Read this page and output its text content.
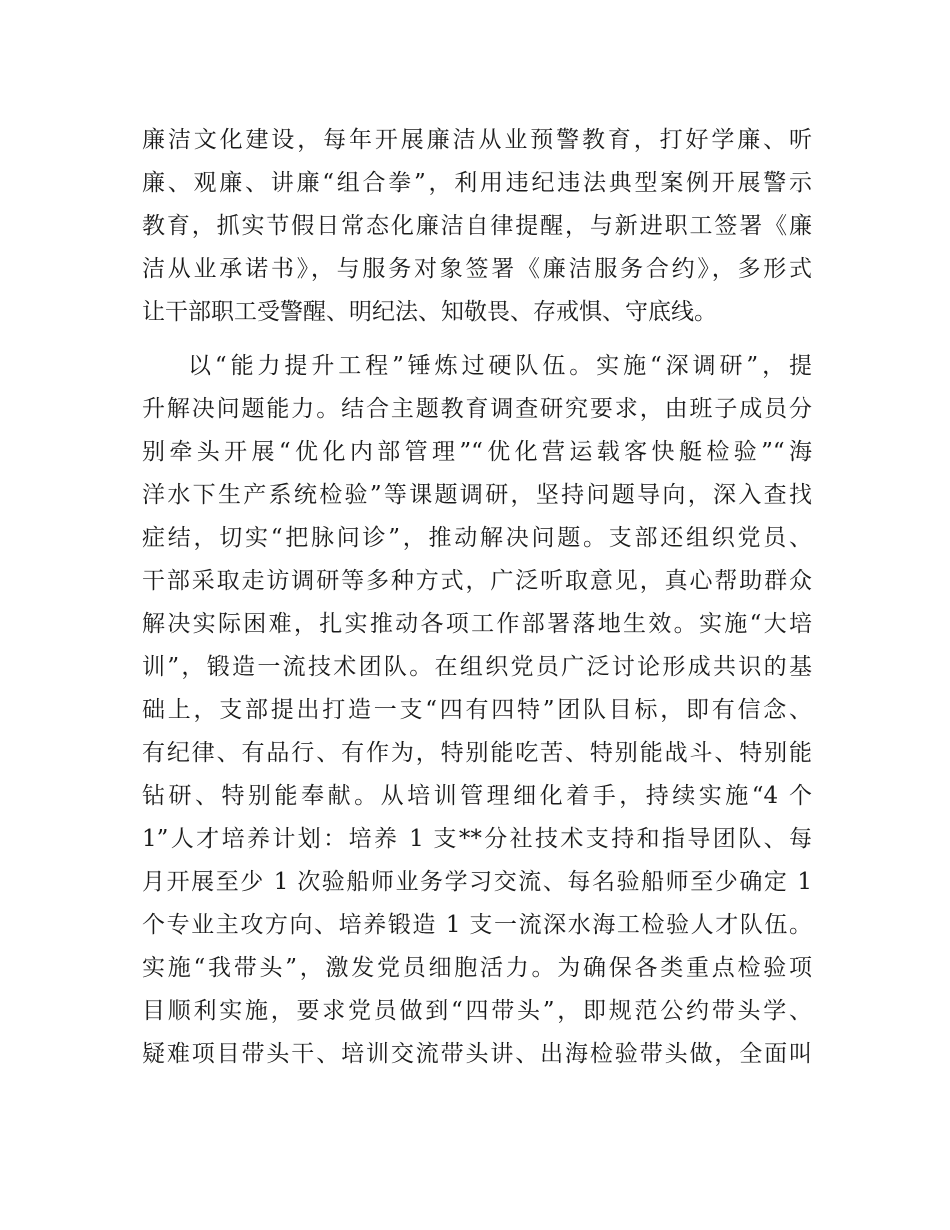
廉洁文化建设，每年开展廉洁从业预警教育，打好学廉、听
廉、观廉、讲廉“组合拳”，利用违纪违法典型案例开展警示
教育，抓实节假日常态化廉洁自律提醒，与新进职工签署《廉
洁从业承诺书》，与服务对象签署《廉洁服务合约》，多形式
让干部职工受警醒、明纪法、知敬畏、存戒惧、守底线。
以“能力提升工程”锤炼过硬队伍。实施“深调研”，提
升解决问题能力。结合主题教育调查研究要求，由班子成员分
别牵头开展“优化内部管理”“优化营运载客快艇检验”“海
洋水下生产系统检验”等课题调研，坚持问题导向，深入查找
症结，切实“把脉问诊”，推动解决问题。支部还组织党员、
干部采取走访调研等多种方式，广泛听取意见，真心帮助群众
解决实际困难，扎实推动各项工作部署落地生效。实施“大培
训”，锻造一流技术团队。在组织党员广泛讨论形成共识的基
础上，支部提出打造一支“四有四特”团队目标，即有信念、
有纪律、有品行、有作为，特别能吃苦、特别能战斗、特别能
钻研、特别能奉献。从培训管理细化着手，持续实施“4 个
1”人才培养计划：培养 1 支**分社技术支持和指导团队、每
月开展至少 1 次验船师业务学习交流、每名验船师至少确定 1
个专业主攻方向、培养锻造 1 支一流深水海工检验人才队伍。
实施“我带头”，激发党员细胞活力。为确保各类重点检验项
目顺利实施，要求党员做到“四带头”，即规范公约带头学、
疑难项目带头干、培训交流带头讲、出海检验带头做，全面叫
